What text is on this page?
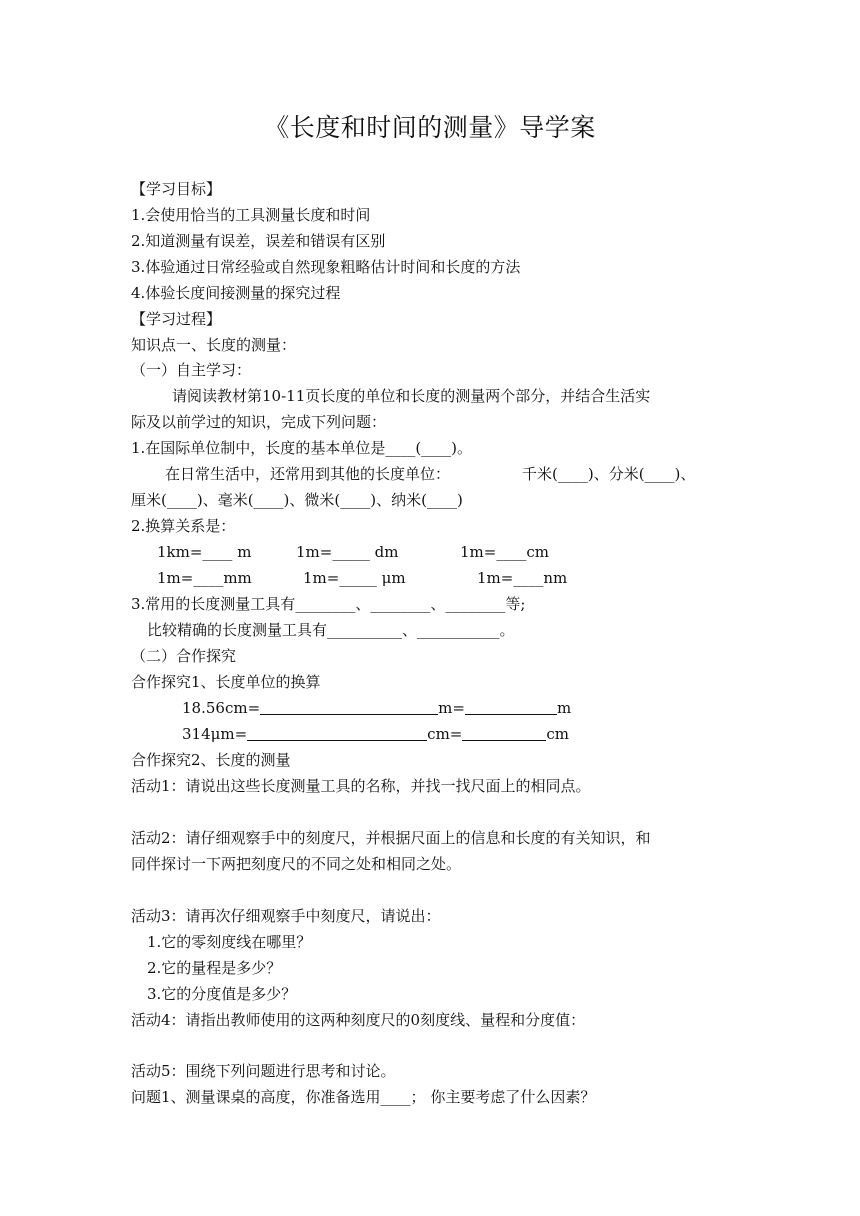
《长度和时间的测量》导学案
【学习目标】
1.会使用恰当的工具测量长度和时间
2.知道测量有误差，误差和错误有区别
3.体验通过日常经验或自然现象粗略估计时间和长度的方法
4.体验长度间接测量的探究过程
【学习过程】
知识点一、长度的测量：
（一）自主学习：
请阅读教材第10-11页长度的单位和长度的测量两个部分，并结合生活实
际及以前学过的知识，完成下列问题：
1.在国际单位制中，长度的基本单位是____(____)。
在日常生活中，还常用到其他的长度单位：	千米(____)、分米(____)、
厘米(____)、毫米(____)、微米(____)、纳米(____)
2.换算关系是：
1km=____ m	1m=_____ dm	1m=____cm
1m=____mm	1m=_____ μm	1m=____nm
3.常用的长度测量工具有________、________、________等;
比较精确的长度测量工具有__________、___________。
（二）合作探究
合作探究1、长度单位的换算
18.56cm=	m=	m
314μm=	cm=	cm
合作探究2、长度的测量
活动1：请说出这些长度测量工具的名称，并找一找尺面上的相同点。
活动2：请仔细观察手中的刻度尺，并根据尺面上的信息和长度的有关知识，和
同伴探讨一下两把刻度尺的不同之处和相同之处。
活动3：请再次仔细观察手中刻度尺，请说出：
1.它的零刻度线在哪里？
2.它的量程是多少？
3.它的分度值是多少？
活动4：请指出教师使用的这两种刻度尺的0刻度线、量程和分度值：
活动5：围绕下列问题进行思考和讨论。
问题1、测量课桌的高度，你准备选用____； 你主要考虑了什么因素？
